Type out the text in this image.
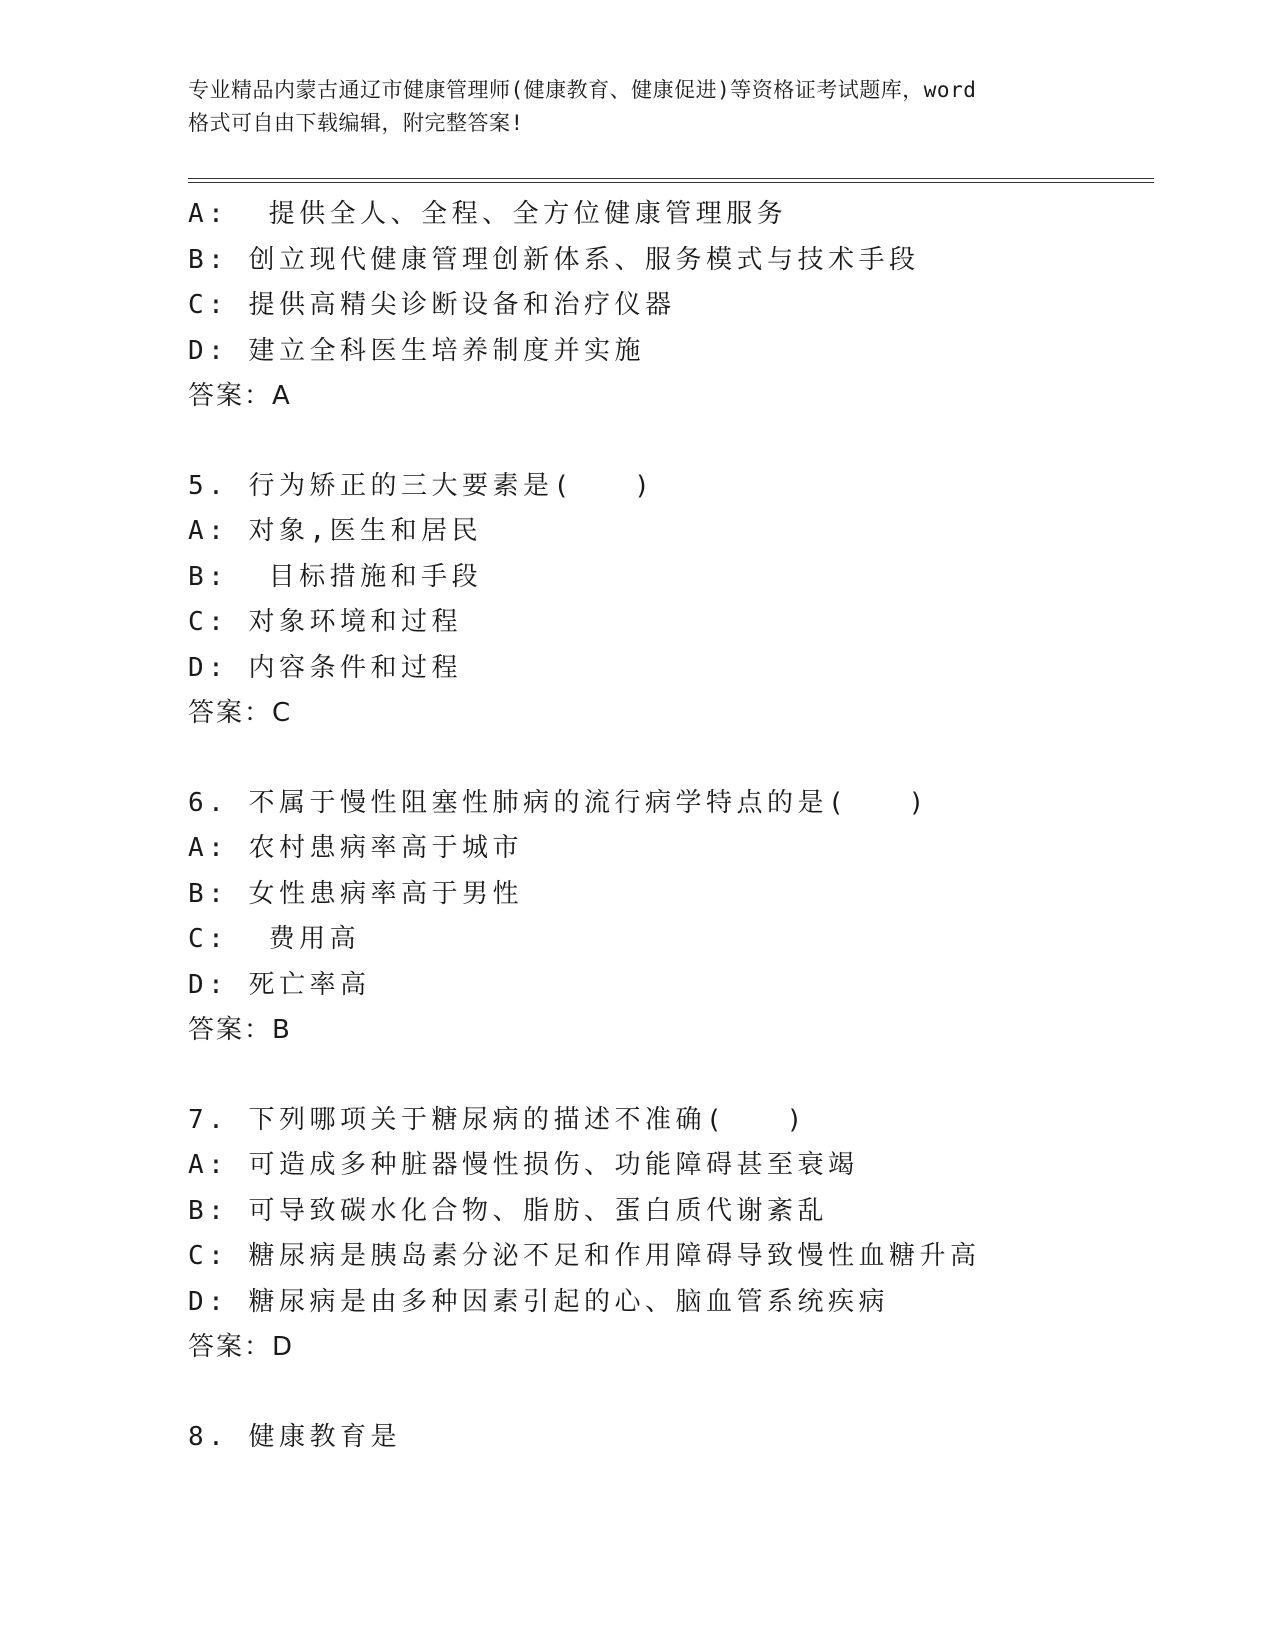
专业精品内蒙古通辽市健康管理师(健康教育、健康促进)等资格证考试题库，word
格式可自由下载编辑，附完整答案!
A:  提供全人、全程、全方位健康管理服务
B: 创立现代健康管理创新体系、服务模式与技术手段
C: 提供高精尖诊断设备和治疗仪器
D: 建立全科医生培养制度并实施
答案：A
5. 行为矫正的三大要素是(   )
A: 对象,医生和居民
B:  目标措施和手段
C: 对象环境和过程
D: 内容条件和过程
答案：C
6. 不属于慢性阻塞性肺病的流行病学特点的是(   )
A: 农村患病率高于城市
B: 女性患病率高于男性
C:  费用高
D: 死亡率高
答案：B
7. 下列哪项关于糖尿病的描述不准确(   )
A: 可造成多种脏器慢性损伤、功能障碍甚至衰竭
B: 可导致碳水化合物、脂肪、蛋白质代谢紊乱
C: 糖尿病是胰岛素分泌不足和作用障碍导致慢性血糖升高
D: 糖尿病是由多种因素引起的心、脑血管系统疾病
答案：D
8. 健康教育是
